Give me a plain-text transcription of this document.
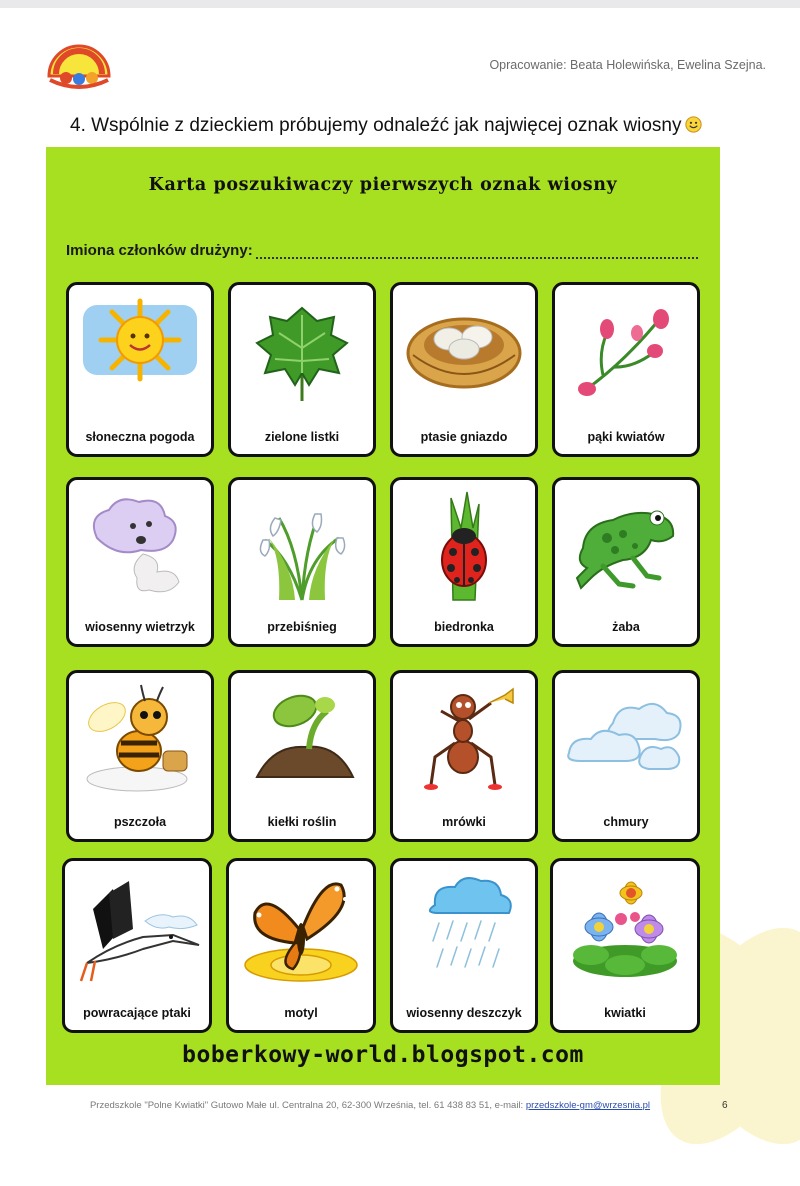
Opracowanie: Beata Holewińska, Ewelina Szejna.
4. Wspólnie z dzieckiem próbujemy odnaleźć jak najwięcej oznak wiosny
Karta poszukiwaczy pierwszych oznak wiosny
Imiona członków drużyny:
słoneczna pogoda	zielone listki	ptasie gniazdo	pąki kwiatów
wiosenny wietrzyk	przebiśnieg	biedronka	żaba
pszczoła	kiełki roślin	mrówki	chmury
powracające ptaki	motyl	wiosenny deszczyk	kwiatki
boberkowy-world.blogspot.com
Przedszkole "Polne Kwiatki" Gutowo Małe ul. Centralna 20, 62-300 Września, tel. 61 438 83 51, e-mail: przedszkole-gm@wrzesnia.pl	6
